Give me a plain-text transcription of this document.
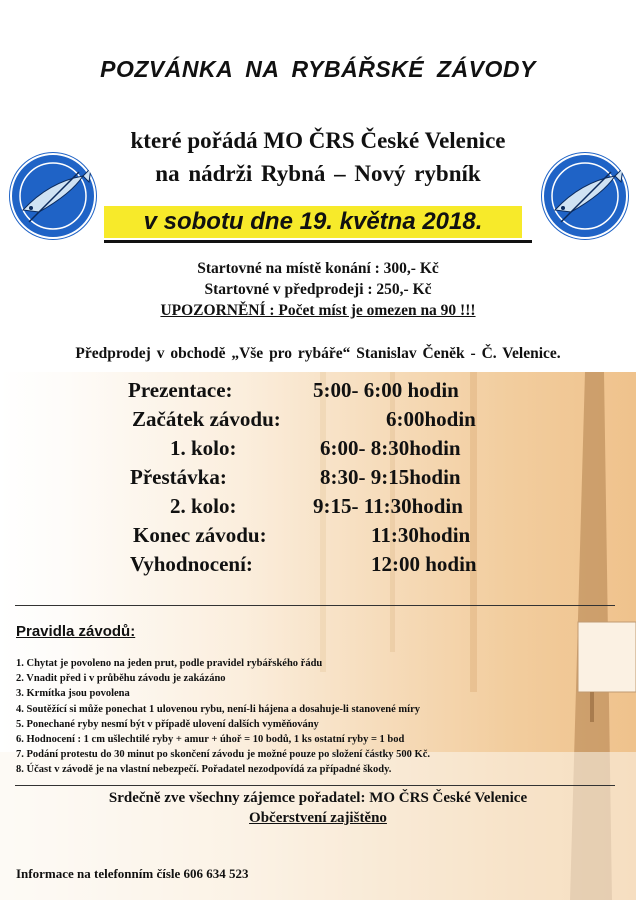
POZVÁNKA NA RYBÁŘSKÉ ZÁVODY
které pořádá MO ČRS České Velenice
na nádrži Rybná – Nový rybník
v sobotu dne 19. května 2018.
Startovné na místě konání : 300,- Kč
Startovné v předprodeji : 250,- Kč
UPOZORNĚNÍ : Počet míst je omezen na 90 !!!
Předprodej v obchodě „Vše pro rybáře“ Stanislav Čeněk - Č. Velenice.
Prezentace:	5:00- 6:00 hodin
Začátek závodu:	6:00hodin
1. kolo:	6:00- 8:30hodin
Přestávka:	8:30- 9:15hodin
2. kolo:	9:15- 11:30hodin
Konec závodu:	11:30hodin
Vyhodnocení:	12:00 hodin
Pravidla závodů:
1. Chytat je povoleno na jeden prut, podle pravidel rybářského řádu
2. Vnadit před i v průběhu závodu je zakázáno
3. Krmítka jsou povolena
4. Soutěžící si může ponechat 1 ulovenou rybu, není-li hájena a dosahuje-li stanovené míry
5. Ponechané ryby nesmí být v případě ulovení dalších vyměňovány
6. Hodnocení : 1 cm ušlechtilé ryby + amur + úhoř = 10 bodů, 1 ks ostatní ryby = 1 bod
7. Podání protestu do 30 minut po skončení závodu je možné pouze po složení částky 500 Kč.
8. Účast v závodě je na vlastní nebezpečí. Pořadatel nezodpovídá za případné škody.
Srdečně zve všechny zájemce pořadatel: MO ČRS České Velenice
Občerstvení zajištěno
Informace na telefonním čísle 606 634 523
